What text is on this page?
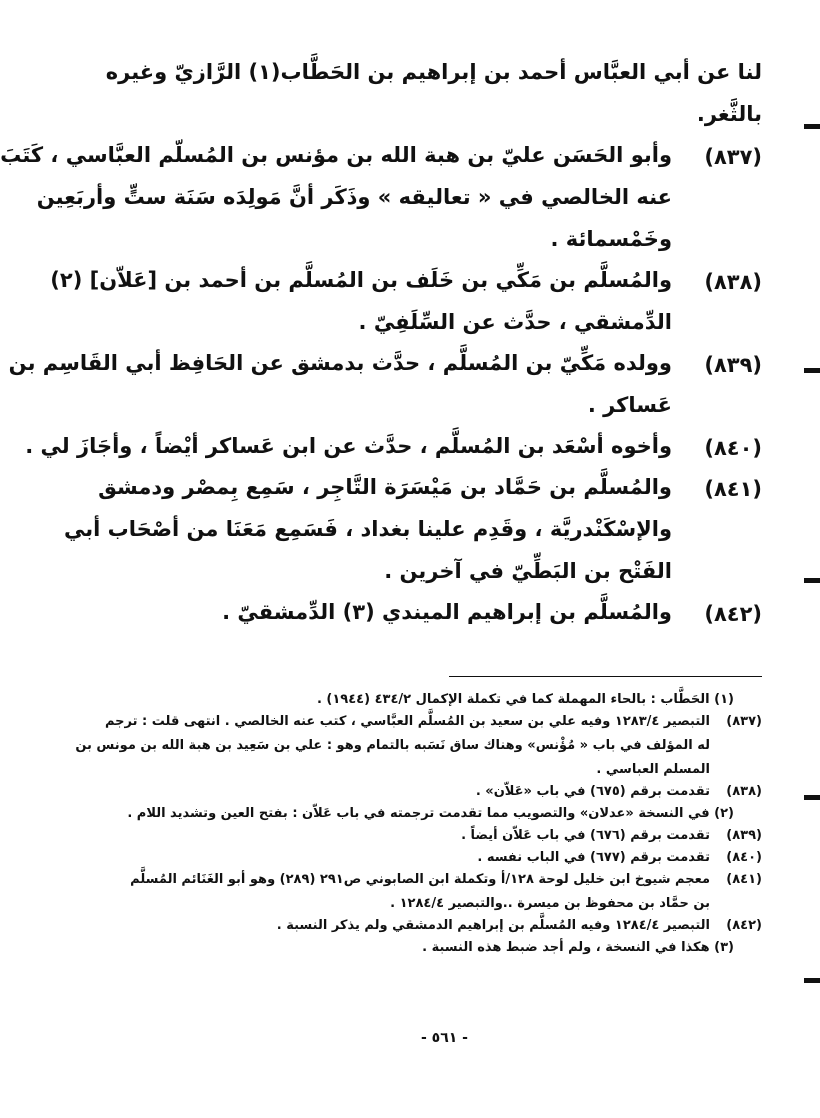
لنا عن أبي العبَّاس أحمد بن إبراهيم بن الحَطَّاب(١) الرَّازيّ وغيره
بالثَّغر.
(٨٣٧)
وأبو الحَسَن عليّ بن هبة الله بن مؤنس بن المُسلّم العبَّاسي ، كَتَبَ
عنه الخالصي في « تعاليقه » وذَكَر أنَّ مَولِدَه سَنَة ستٍّ وأربَعِين
وخَمْسمائة .
(٨٣٨)
والمُسلَّم بن مَكِّي بن خَلَف بن المُسلَّم بن أحمد بن [عَلاّن] (٢)
الدِّمشقي ، حدَّث عن السِّلَفِيّ .
(٨٣٩)
وولده مَكِّيّ بن المُسلَّم ، حدَّث بدمشق عن الحَافِظ أبي القَاسِم بن
عَساكر .
(٨٤٠)
وأخوه أسْعَد بن المُسلَّم ، حدَّث عن ابن عَساكر أيْضاً ، وأجَازَ لي .
(٨٤١)
والمُسلَّم بن حَمَّاد بن مَيْسَرَة التَّاجِر ، سَمِع بِمصْر ودمشق
والإسْكَنْدريَّة ، وقَدِم علينا بغداد ، فَسَمِع مَعَنَا من أصْحَاب أبي
الفَتْح بن البَطِّيّ في آخرين .
(٨٤٢)
والمُسلَّم بن إبراهيم الميندي (٣) الدِّمشقيّ .
(١) الحَطَّاب : بالحاء المهملة كما في تكملة الإكمال ٤٣٤/٢ (١٩٤٤) .
(٨٣٧)
التبصير ١٢٨٣/٤ وفيه علي بن سعيد بن المُسلَّم العبَّاسي ، كتب عنه الخالصي . انتهى قلت : ترجم
له المؤلف في باب « مُؤْنس» وهناك ساق نَسَبه بالتمام وهو : علي بن سَعِيد بن هبة الله بن مونس بن
المسلم العباسي .
(٨٣٨)
تقدمت برقم (٦٧٥) في باب «عَلاّن» .
(٢) في النسخة «عدلان» والتصويب مما تقدمت ترجمته في باب عَلاّن : بفتح العين وتشديد اللام .
(٨٣٩)
تقدمت برقم (٦٧٦) في باب عَلاّن أيضاً .
(٨٤٠)
تقدمت برقم (٦٧٧) في الباب نفسه .
(٨٤١)
معجم شيوخ ابن خليل لوحة ١٢٨/أ وتكملة ابن الصابوني ص٢٩١ (٢٨٩) وهو أبو الغَنَائم المُسلَّم
بن حمَّاد بن محفوظ بن ميسرة ..والتبصير ١٢٨٤/٤ .
(٨٤٢)
التبصير ١٢٨٤/٤ وفيه المُسلَّم بن إبراهيم الدمشقي ولم يذكر النسبة .
(٣) هكذا في النسخة ، ولم أجد ضبط هذه النسبة .
- ٥٦١ -
